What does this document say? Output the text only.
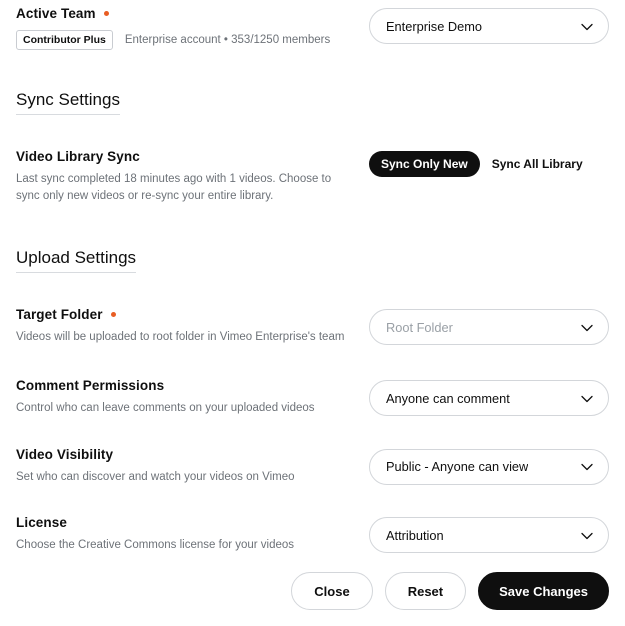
Active Team
Contributor Plus	Enterprise account • 353/1250 members
Enterprise Demo
Sync Settings
Video Library Sync
Last sync completed 18 minutes ago with 1 videos. Choose to sync only new videos or re-sync your entire library.
Sync Only New	Sync All Library
Upload Settings
Target Folder
Videos will be uploaded to root folder in Vimeo Enterprise's team
Root Folder
Comment Permissions
Control who can leave comments on your uploaded videos
Anyone can comment
Video Visibility
Set who can discover and watch your videos on Vimeo
Public - Anyone can view
License
Choose the Creative Commons license for your videos
Attribution
Close	Reset	Save Changes
